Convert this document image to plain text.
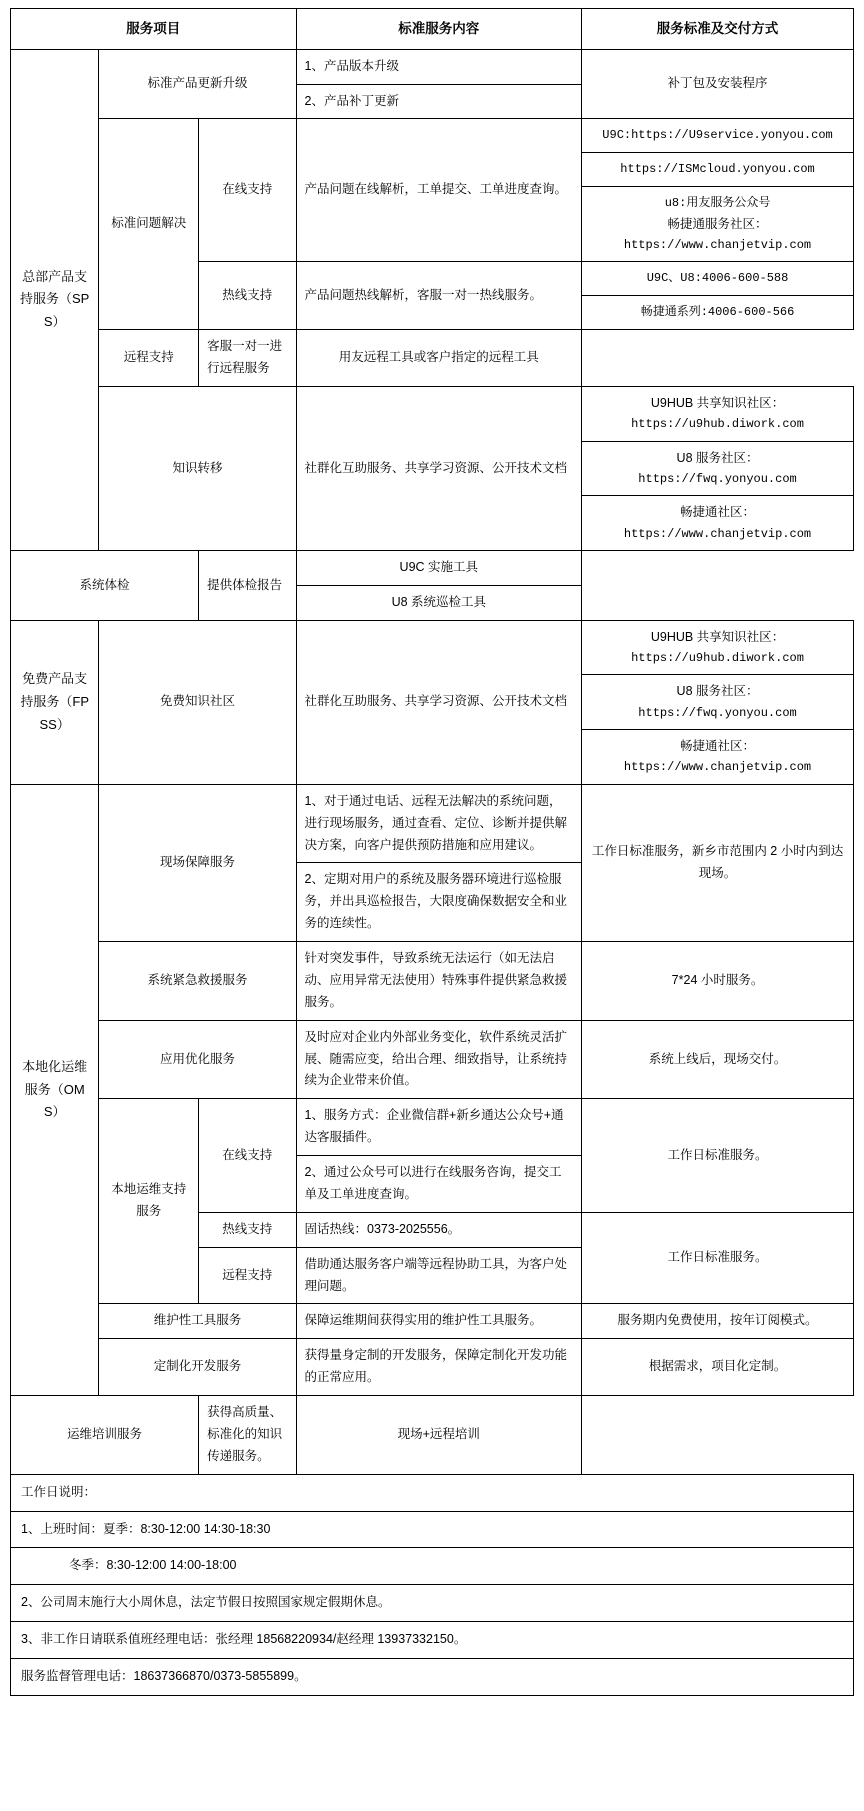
服务项目			标准服务内容	服务标准及交付方式
总部产品支持服务（SPS）	标准产品更新升级		1、产品版本升级	补丁包及安装程序
			2、产品补丁更新	
	标准问题解决	在线支持	产品问题在线解析，工单提交、工单进度查询。	U9C:https://U9service.yonyou.com
				https://ISMcloud.yonyou.com

				u8:用友服务公众号
畅捷通服务社区：
https://www.chanjetvip.com

		热线支持	产品问题热线解析，客服一对一热线服务。	U9C、U8:4006-600-588
				畅捷通系列:4006-600-566
	远程支持	客服一对一进行远程服务	用友远程工具或客户指定的远程工具	
	知识转移		社群化互助服务、共享学习资源、公开技术文档	U9HUB 共享知识社区：
https://u9hub.diwork.com

				U8 服务社区：
https://fwq.yonyou.com

				畅捷通社区：
https://www.chanjetvip.com

系统体检		提供体检报告	U9C 实施工具	
			U8 系统巡检工具	
免费产品支持服务（FPSS）	免费知识社区		社群化互助服务、共享学习资源、公开技术文档	U9HUB 共享知识社区：
https://u9hub.diwork.com

				U8 服务社区：
https://fwq.yonyou.com

				畅捷通社区：
https://www.chanjetvip.com

本地化运维服务（OMS）	现场保障服务		1、对于通过电话、远程无法解决的系统问题，进行现场服务，通过查看、定位、诊断并提供解决方案，向客户提供预防措施和应用建议。	工作日标准服务，新乡市范围内 2 小时内到达现场。
			2、定期对用户的系统及服务器环境进行巡检服务，并出具巡检报告，大限度确保数据安全和业务的连续性。	
	系统紧急救援服务		针对突发事件，导致系统无法运行（如无法启动、应用异常无法使用）特殊事件提供紧急救援服务。	7*24 小时服务。
	应用优化服务		及时应对企业内外部业务变化，软件系统灵活扩展、随需应变，给出合理、细致指导，让系统持续为企业带来价值。	系统上线后，现场交付。
	本地运维支持服务	在线支持	1、服务方式：企业微信群+新乡通达公众号+通达客服插件。	工作日标准服务。
			2、通过公众号可以进行在线服务咨询，提交工单及工单进度查询。	
		热线支持	固话热线：0373-2025556。	工作日标准服务。
		远程支持	借助通达服务客户端等远程协助工具，为客户处理问题。	
	维护性工具服务		保障运维期间获得实用的维护性工具服务。	服务期内免费使用，按年订阅模式。
	定制化开发服务		获得量身定制的开发服务，保障定制化开发功能的正常应用。	根据需求，项目化定制。
运维培训服务		获得高质量、标准化的知识传递服务。	现场+远程培训	
工作日说明：				
1、上班时间：夏季：8:30-12:00 14:30-18:30				
冬季：8:30-12:00 14:00-18:00				
2、公司周末施行大小周休息，法定节假日按照国家规定假期休息。				
3、非工作日请联系值班经理电话：张经理 18568220934/赵经理 13937332150。				
服务监督管理电话：18637366870/0373-5855899。				
